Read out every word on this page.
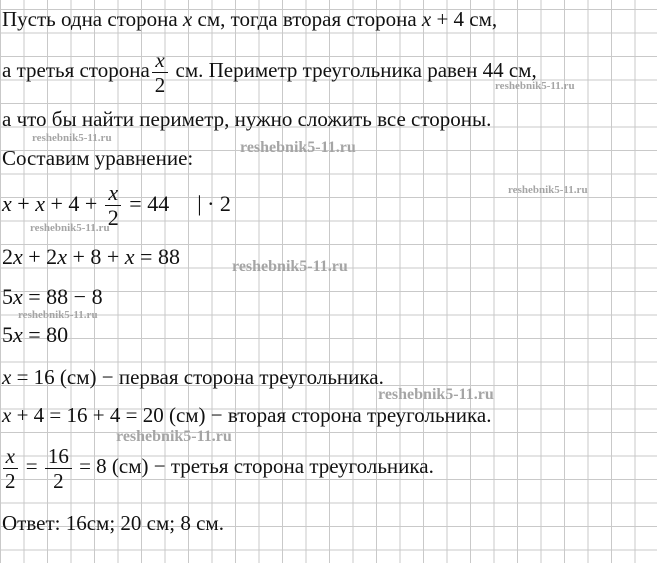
Пусть одна сторона x см, тогда вторая сторона x + 4 см,
а третья сторона $\frac{x}{2}$ см. Периметр треугольника равен 44 см,
а что бы найти периметр, нужно сложить все стороны.
Составим уравнение:
$x + x + 4 + \frac{x}{2} = 44$ | · 2
2x + 2x + 8 + x = 88
5x = 88 − 8
5x = 80
x = 16 (см) − первая сторона треугольника.
x + 4 = 16 + 4 = 20 (см) − вторая сторона треугольника.
$\frac{x}{2} = \frac{16}{2} = 8$ (см) − третья сторона треугольника.
Ответ: 16см; 20 см; 8 см.
reshebnik5-11.ru
reshebnik5-11.ru
reshebnik5-11.ru
reshebnik5-11.ru
reshebnik5-11.ru
reshebnik5-11.ru
reshebnik5-11.ru
reshebnik5-11.ru
reshebnik5-11.ru
